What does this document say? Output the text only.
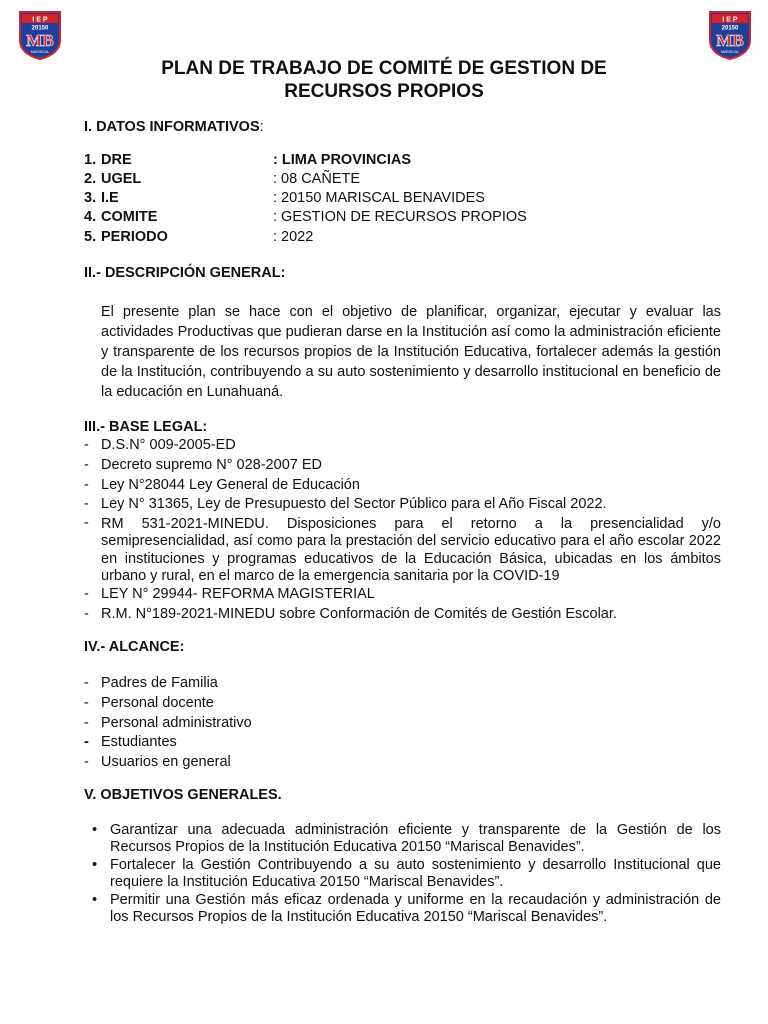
I E P
20150
MB
MARISCAL
I E P
20150
MB
MARISCAL
PLAN DE TRABAJO DE COMITÉ DE GESTION DE
RECURSOS PROPIOS
I. DATOS INFORMATIVOS:
1. DRE	: LIMA PROVINCIAS
2. UGEL	: 08 CAÑETE
3. I.E	: 20150 MARISCAL BENAVIDES
4. COMITE	: GESTION DE RECURSOS PROPIOS
5. PERIODO	: 2022
II.- DESCRIPCIÓN GENERAL:
El presente plan se hace con el objetivo de planificar, organizar, ejecutar y evaluar las actividades Productivas que pudieran darse en la Institución así como la administración eficiente y transparente de los recursos propios de la Institución Educativa, fortalecer además la gestión de la Institución, contribuyendo a su auto sostenimiento y desarrollo institucional en beneficio de la educación en Lunahuaná.
III.- BASE LEGAL:
- D.S.N° 009-2005-ED
- Decreto supremo N° 028-2007 ED
- Ley N°28044 Ley General de Educación
- Ley N° 31365, Ley de Presupuesto del Sector Público para el Año Fiscal 2022.
- RM 531-2021-MINEDU. Disposiciones para el retorno a la presencialidad y/o semipresencialidad, así como para la prestación del servicio educativo para el año escolar 2022 en instituciones y programas educativos de la Educación Básica, ubicadas en los ámbitos urbano y rural, en el marco de la emergencia sanitaria por la COVID-19
- LEY N° 29944- REFORMA MAGISTERIAL
- R.M. N°189-2021-MINEDU sobre Conformación de Comités de Gestión Escolar.
IV.- ALCANCE:
- Padres de Familia
- Personal docente
- Personal administrativo
- Estudiantes
- Usuarios en general
V. OBJETIVOS GENERALES.
• Garantizar una adecuada administración eficiente y transparente de la Gestión de los Recursos Propios de la Institución Educativa 20150 “Mariscal Benavides”.
• Fortalecer la Gestión Contribuyendo a su auto sostenimiento y desarrollo Institucional que requiere la Institución Educativa 20150 “Mariscal Benavides”.
• Permitir una Gestión más eficaz ordenada y uniforme en la recaudación y administración de los Recursos Propios de la Institución Educativa 20150 “Mariscal Benavides”.
